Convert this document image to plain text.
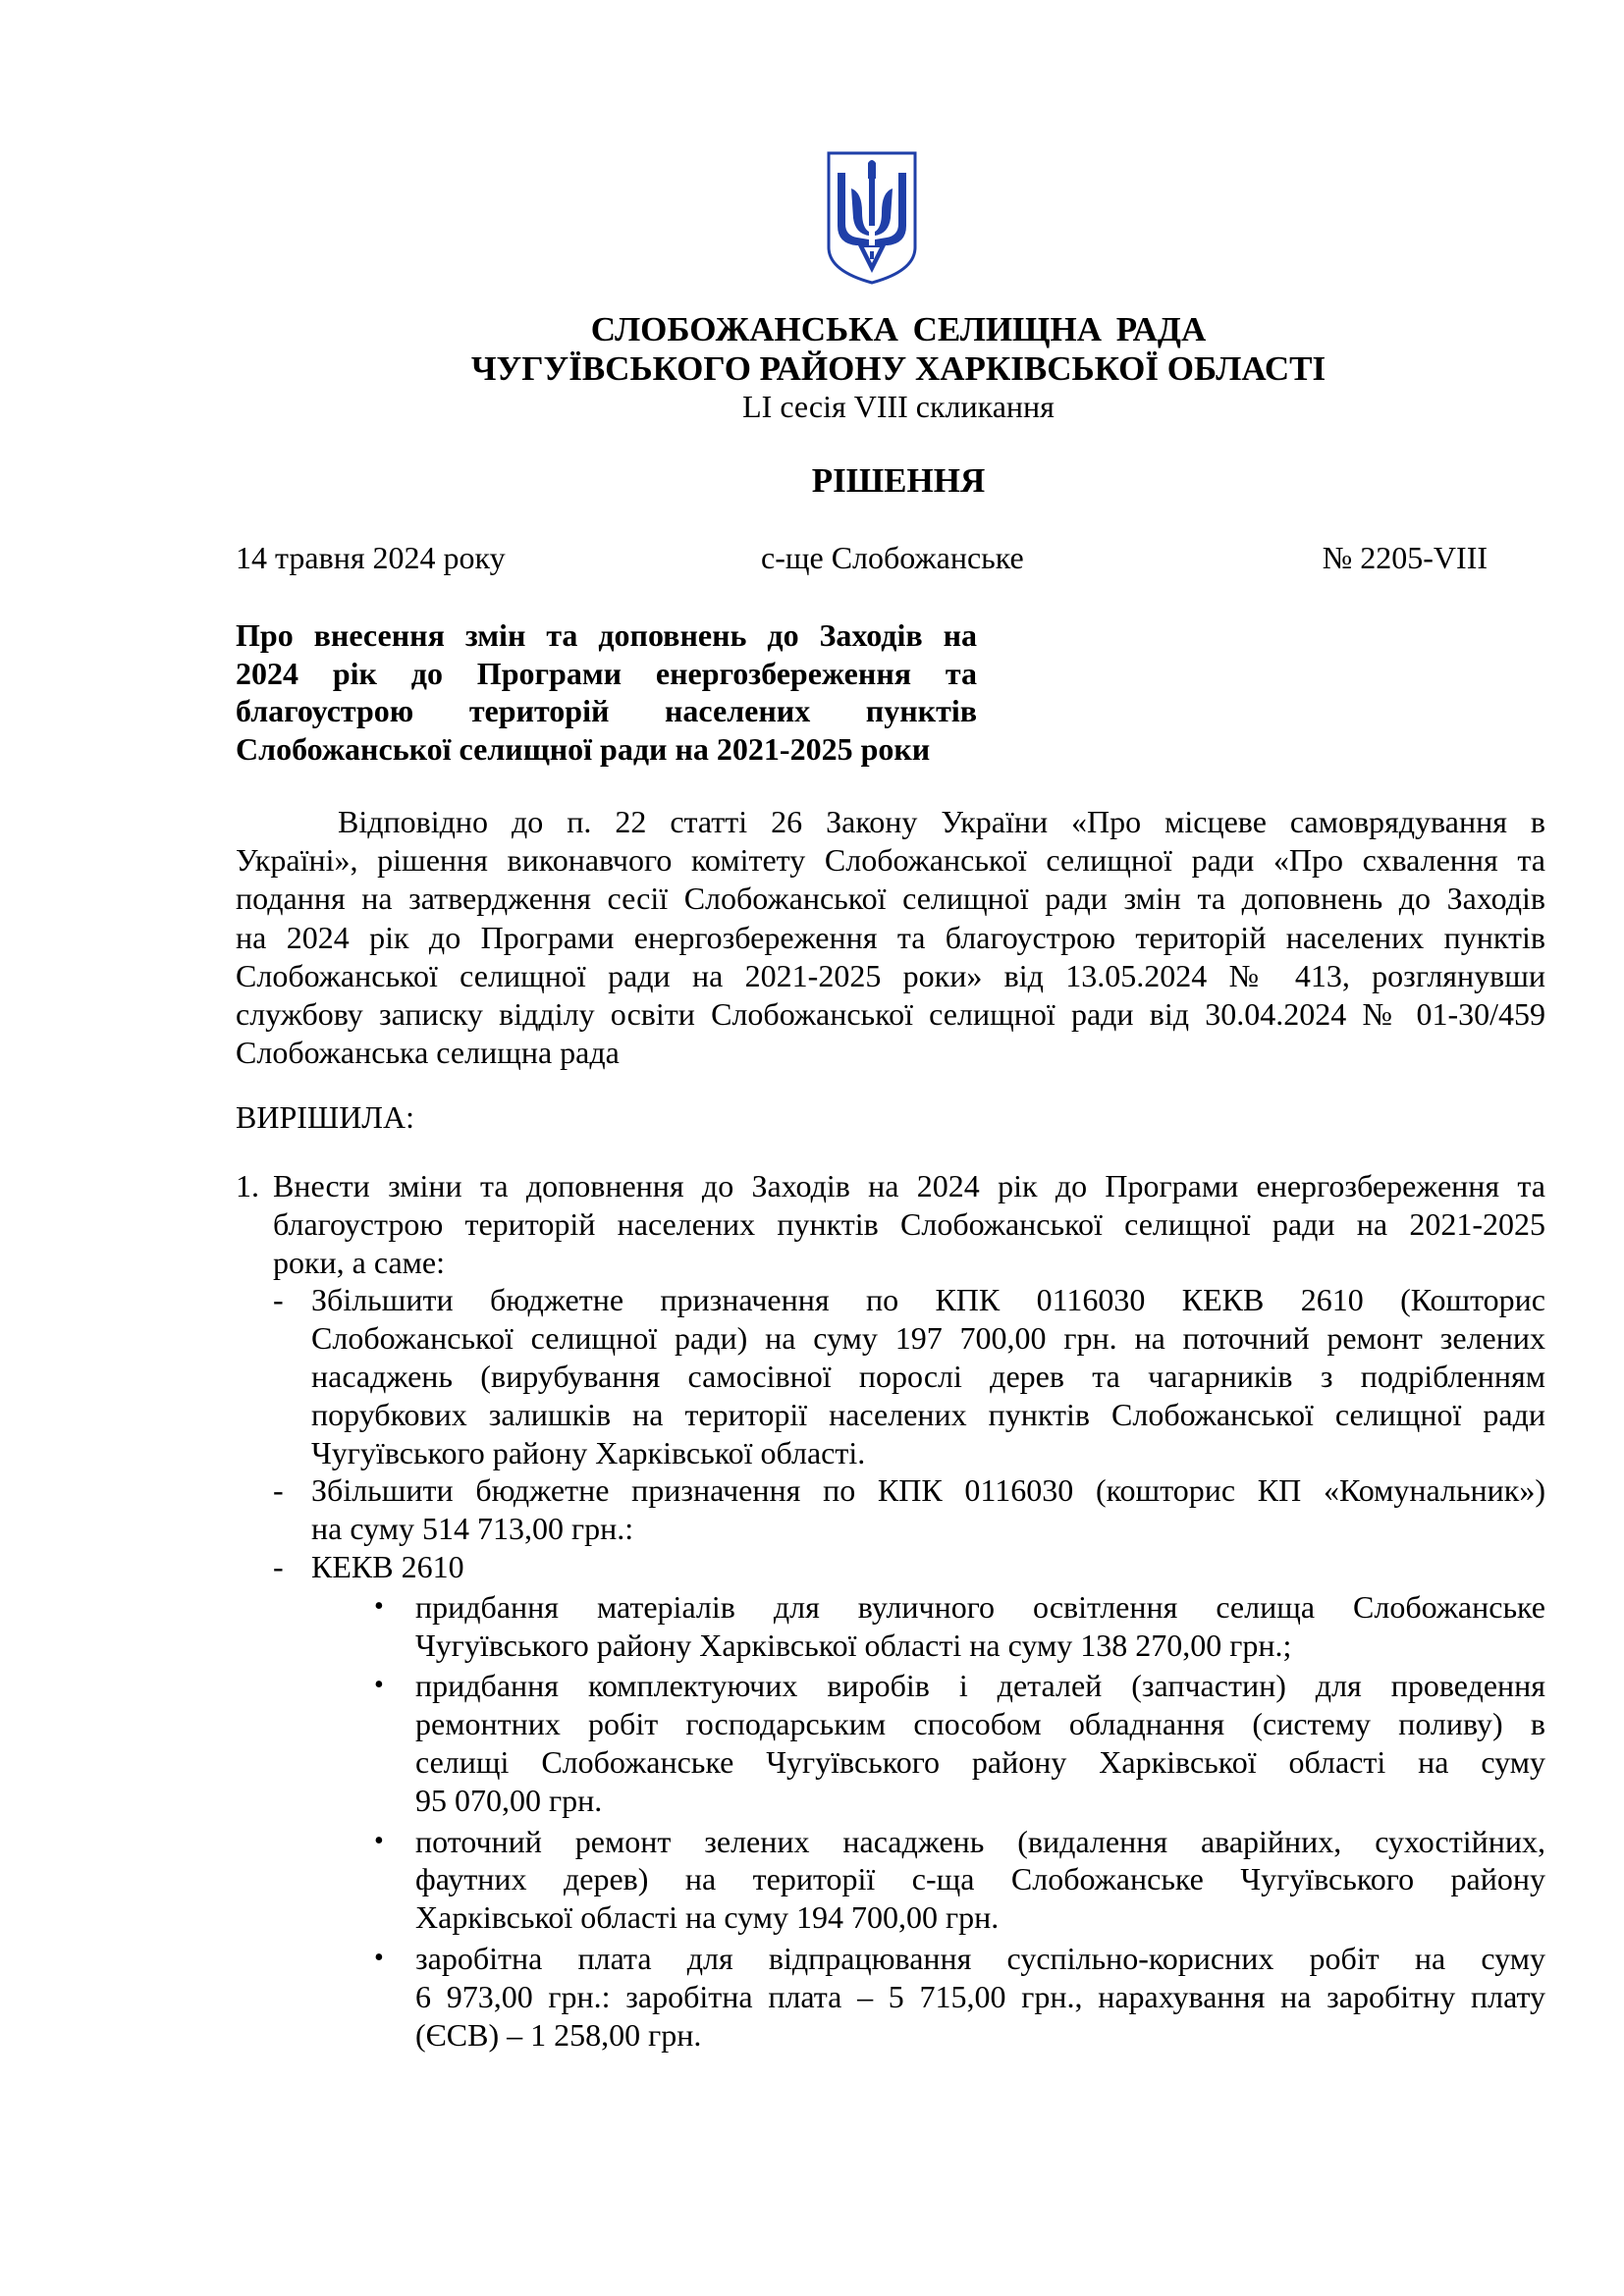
СЛОБОЖАНСЬКА СЕЛИЩНА РАДА
ЧУГУЇВСЬКОГО РАЙОНУ ХАРКІВСЬКОЇ ОБЛАСТІ
LI сесія VIII скликання
РІШЕННЯ
14 травня 2024 року	с-ще Слобожанське	№ 2205-VIII
Про внесення змін та доповнень до Заходів на
2024 рік до Програми енергозбереження та
благоустрою територій населених пунктів
Слобожанської селищної ради на 2021-2025 роки
Відповідно до п. 22 статті 26 Закону України «Про місцеве самоврядування в
Україні», рішення виконавчого комітету Слобожанської селищної ради «Про схвалення та
подання на затвердження сесії Слобожанської селищної ради змін та доповнень до Заходів
на 2024 рік до Програми енергозбереження та благоустрою територій населених пунктів
Слобожанської селищної ради на 2021-2025 роки» від 13.05.2024 № 413, розглянувши
службову записку відділу освіти Слобожанської селищної ради від 30.04.2024 № 01-30/459
Слобожанська селищна рада
ВИРІШИЛА:
1. Внести зміни та доповнення до Заходів на 2024 рік до Програми енергозбереження та
благоустрою територій населених пунктів Слобожанської селищної ради на 2021-2025
роки, а саме:
- Збільшити бюджетне призначення по КПК 0116030 КЕКВ 2610 (Кошторис
Слобожанської селищної ради) на суму 197 700,00 грн. на поточний ремонт зелених
насаджень (вирубування самосівної порослі дерев та чагарників з подрібленням
порубкових залишків на території населених пунктів Слобожанської селищної ради
Чугуївського району Харківської області.
- Збільшити бюджетне призначення по КПК 0116030 (кошторис КП «Комунальник»)
на суму 514 713,00 грн.:
- КЕКВ 2610
• придбання матеріалів для вуличного освітлення селища Слобожанське
Чугуївського району Харківської області на суму 138 270,00 грн.;
• придбання комплектуючих виробів і деталей (запчастин) для проведення
ремонтних робіт господарським способом обладнання (систему поливу) в
селищі Слобожанське Чугуївського району Харківської області на суму
95 070,00 грн.
• поточний ремонт зелених насаджень (видалення аварійних, сухостійних,
фаутних дерев) на території с-ща Слобожанське Чугуївського району
Харківської області на суму 194 700,00 грн.
• заробітна плата для відпрацювання суспільно-корисних робіт на суму
6 973,00 грн.: заробітна плата – 5 715,00 грн., нарахування на заробітну плату
(ЄСВ) – 1 258,00 грн.
